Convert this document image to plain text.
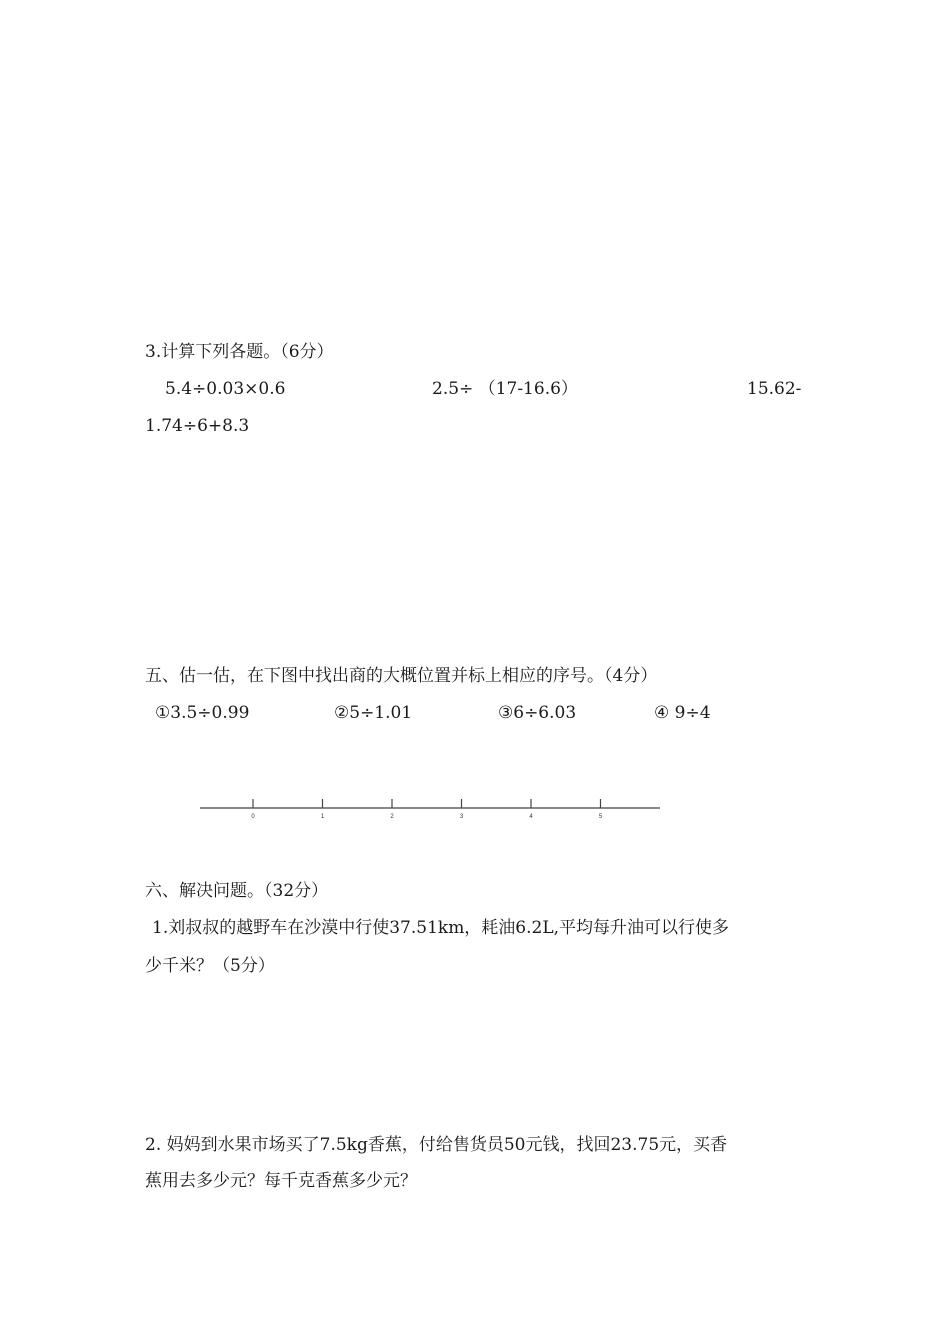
3.计算下列各题。（6分）
5.4÷0.03×0.6	2.5÷ （17-16.6）	15.62-
1.74÷6+8.3
五、估一估，在下图中找出商的大概位置并标上相应的序号。（4分）
①3.5÷0.99	②5÷1.01	③6÷6.03	④ 9÷4
0	1	2	3	4	5
六、解决问题。（32分）
1.刘叔叔的越野车在沙漠中行使37.51km，耗油6.2L,平均每升油可以行使多
少千米？（5分）
2. 妈妈到水果市场买了7.5kg香蕉，付给售货员50元钱，找回23.75元，买香
蕉用去多少元？每千克香蕉多少元？
